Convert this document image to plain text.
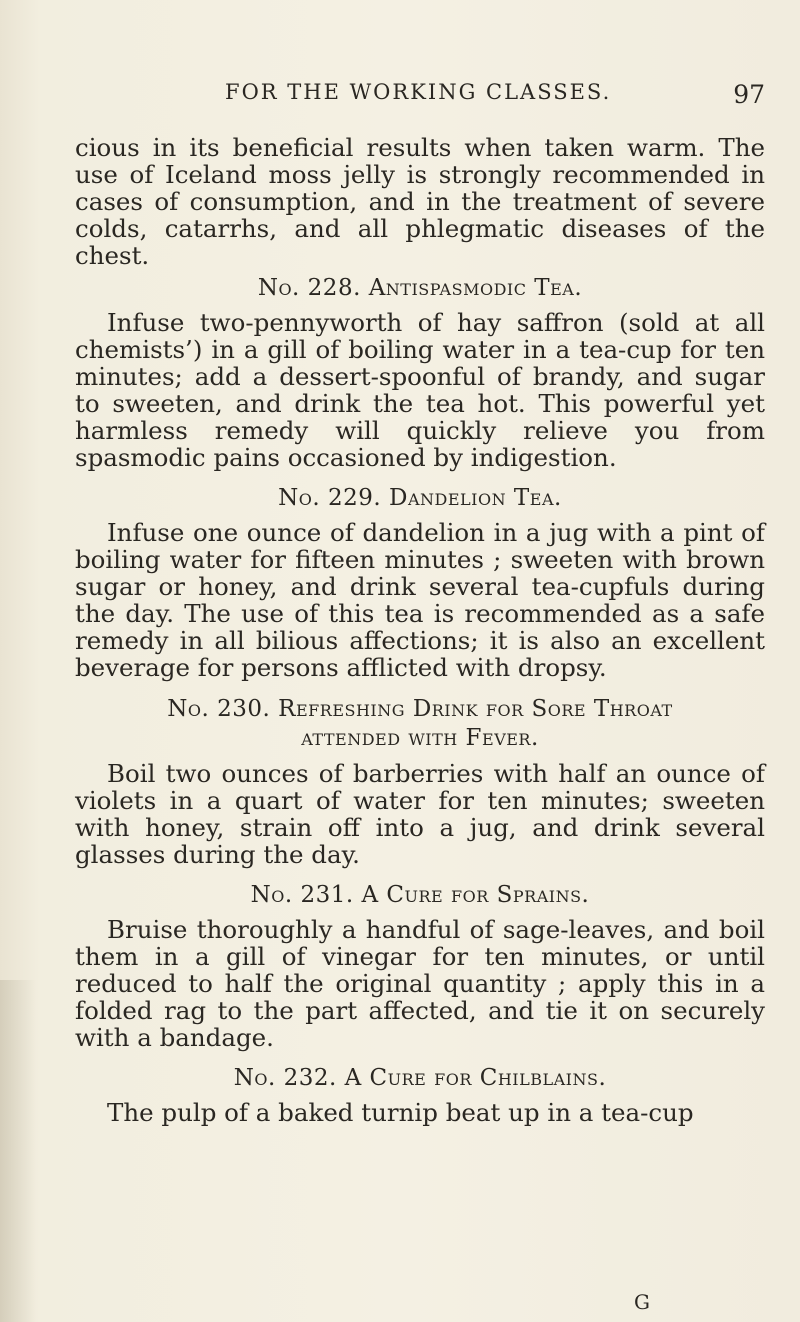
FOR THE WORKING CLASSES.	97

cious in its beneficial results when taken warm. The use of Iceland moss jelly is strongly recommended in cases of consumption, and in the treatment of severe colds, catarrhs, and all phlegmatic diseases of the chest.

No. 228. Antispasmodic Tea.

Infuse two-pennyworth of hay saffron (sold at all chemists’) in a gill of boiling water in a tea-cup for ten minutes; add a dessert-spoonful of brandy, and sugar to sweeten, and drink the tea hot. This powerful yet harmless remedy will quickly relieve you from spasmodic pains occasioned by indigestion.

No. 229. Dandelion Tea.

Infuse one ounce of dandelion in a jug with a pint of boiling water for fifteen minutes ; sweeten with brown sugar or honey, and drink several tea-cupfuls during the day. The use of this tea is recommended as a safe remedy in all bilious affections; it is also an excellent beverage for persons afflicted with dropsy.

No. 230. Refreshing Drink for Sore Throat attended with Fever.

Boil two ounces of barberries with half an ounce of violets in a quart of water for ten minutes; sweeten with honey, strain off into a jug, and drink several glasses during the day.

No. 231. A Cure for Sprains.

Bruise thoroughly a handful of sage-leaves, and boil them in a gill of vinegar for ten minutes, or until reduced to half the original quantity ; apply this in a folded rag to the part affected, and tie it on securely with a bandage.

No. 232. A Cure for Chilblains.

The pulp of a baked turnip beat up in a tea-cup

G
